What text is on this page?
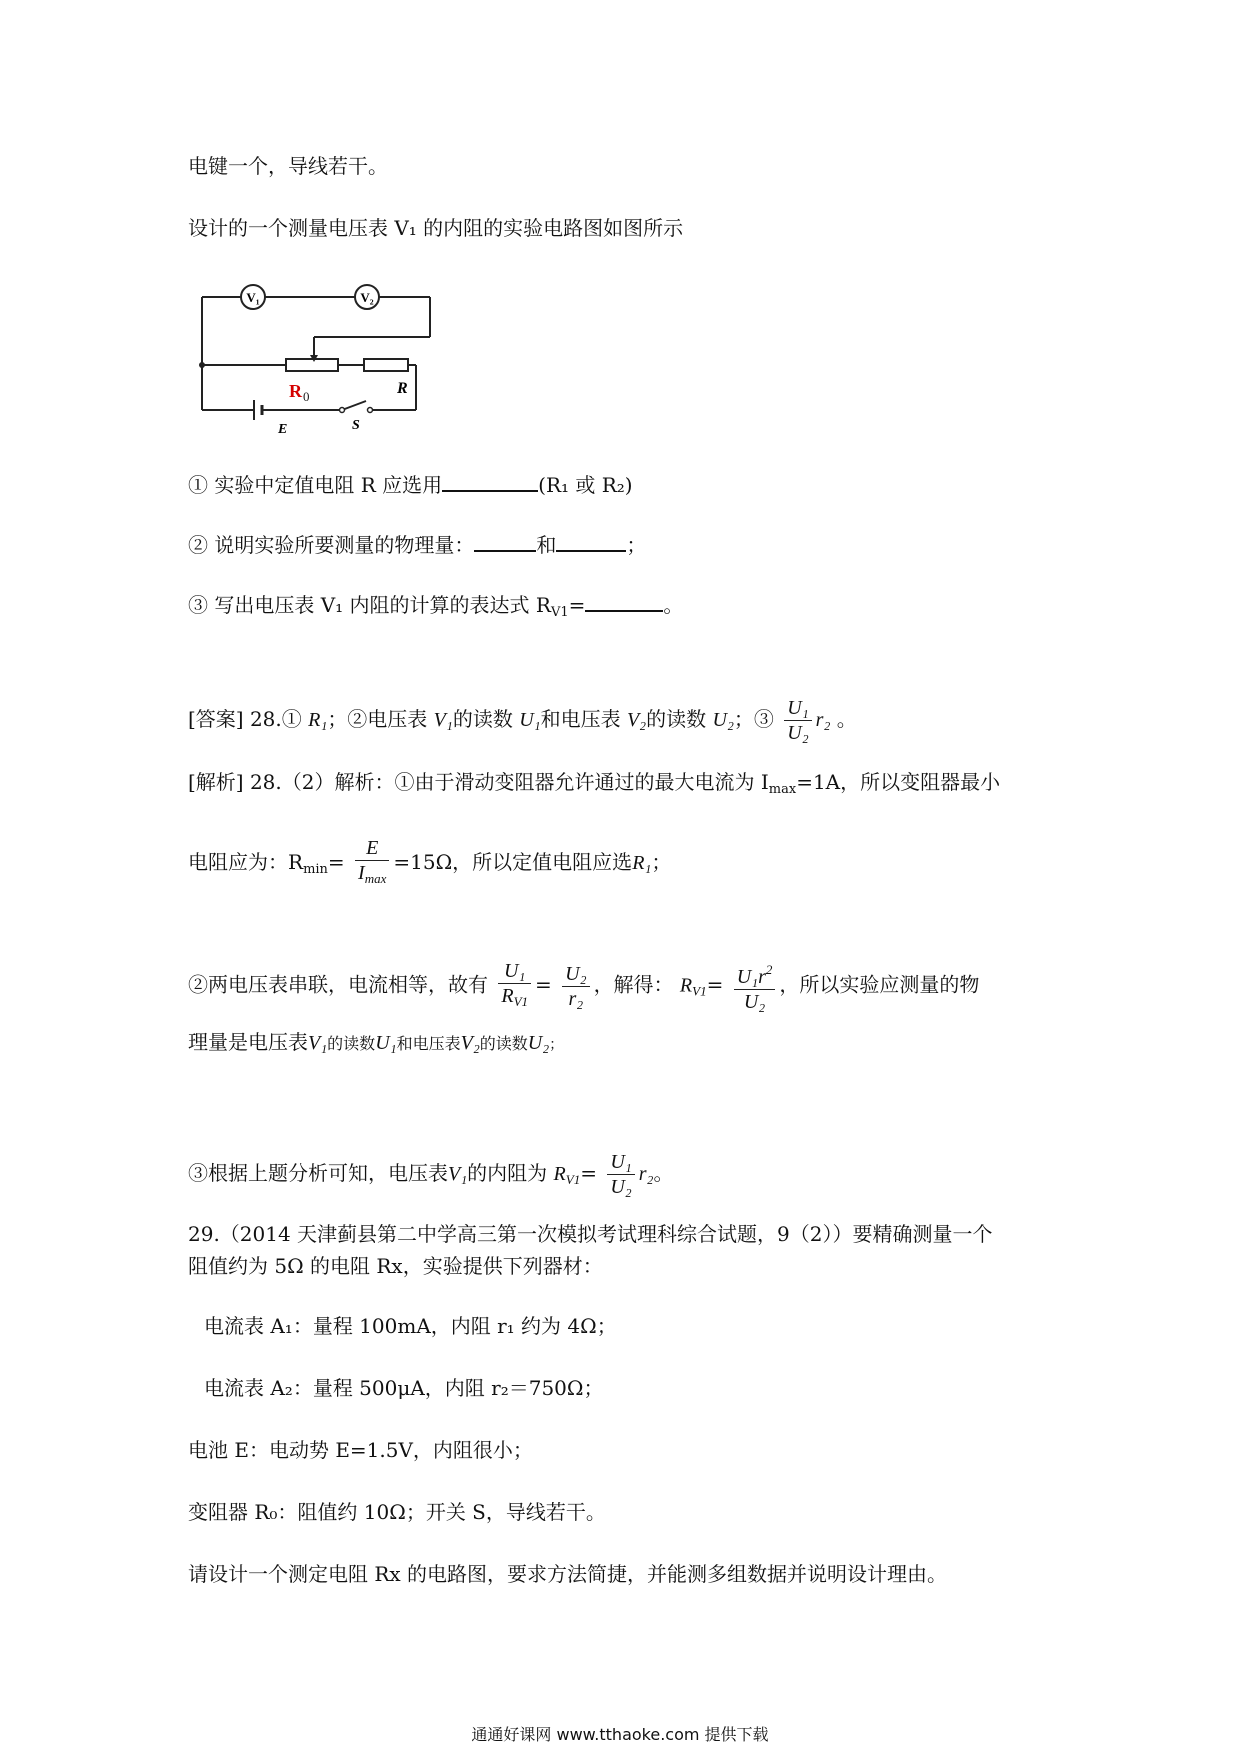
电键一个，导线若干。
设计的一个测量电压表 V₁ 的内阻的实验电路图如图所示
V₁	V₂
R 0	R
E	S
① 实验中定值电阻 R 应选用	(R₁ 或 R₂)
② 说明实验所要测量的物理量：	和	；
③ 写出电压表 V₁ 内阻的计算的表达式 $R_{V1}=$	。
[答案] 28.① R₁；②电压表 V₁的读数 U₁和电压表 V₂的读数 U₂；③ $\frac{\text{U₁}}{\text{U₂}} r_2$ 。
[解析] 28.（2）解析：①由于滑动变阻器允许通过的最大电流为 $I_{max}=1A$，所以变阻器最小
电阻应为：$R_{min}= \frac{E}{I_{max}} =15\Omega$，所以定值电阻应选R₁；
②两电压表串联，电流相等，故有 $\frac{\text{U₁}}{R_{V1}} = \frac{\text{U₂}}{\text{r₂}}$ ，解得： $R_{V1}= \frac{U_1r^2}{\text{U₂}}$ ，所以实验应测量的物
理量是电压表V₁的读数U₁和电压表V₂的读数U₂；
③根据上题分析可知，电压表V₁的内阻为 $R_{V1}= \frac{\text{U₁}}{\text{U₂}} r_2$。
29.（2014 天津蓟县第二中学高三第一次模拟考试理科综合试题，9（2））要精确测量一个
阻值约为 5Ω 的电阻 Rx，实验提供下列器材：
电流表 A₁：量程 100mA，内阻 r₁ 约为 4Ω；
电流表 A₂：量程 500μA，内阻 r₂＝750Ω；
电池 E：电动势 E=1.5V，内阻很小；
变阻器 R₀：阻值约 10Ω；开关 S，导线若干。
请设计一个测定电阻 Rx 的电路图，要求方法简捷，并能测多组数据并说明设计理由。
通通好课网 www.tthaoke.com 提供下载
